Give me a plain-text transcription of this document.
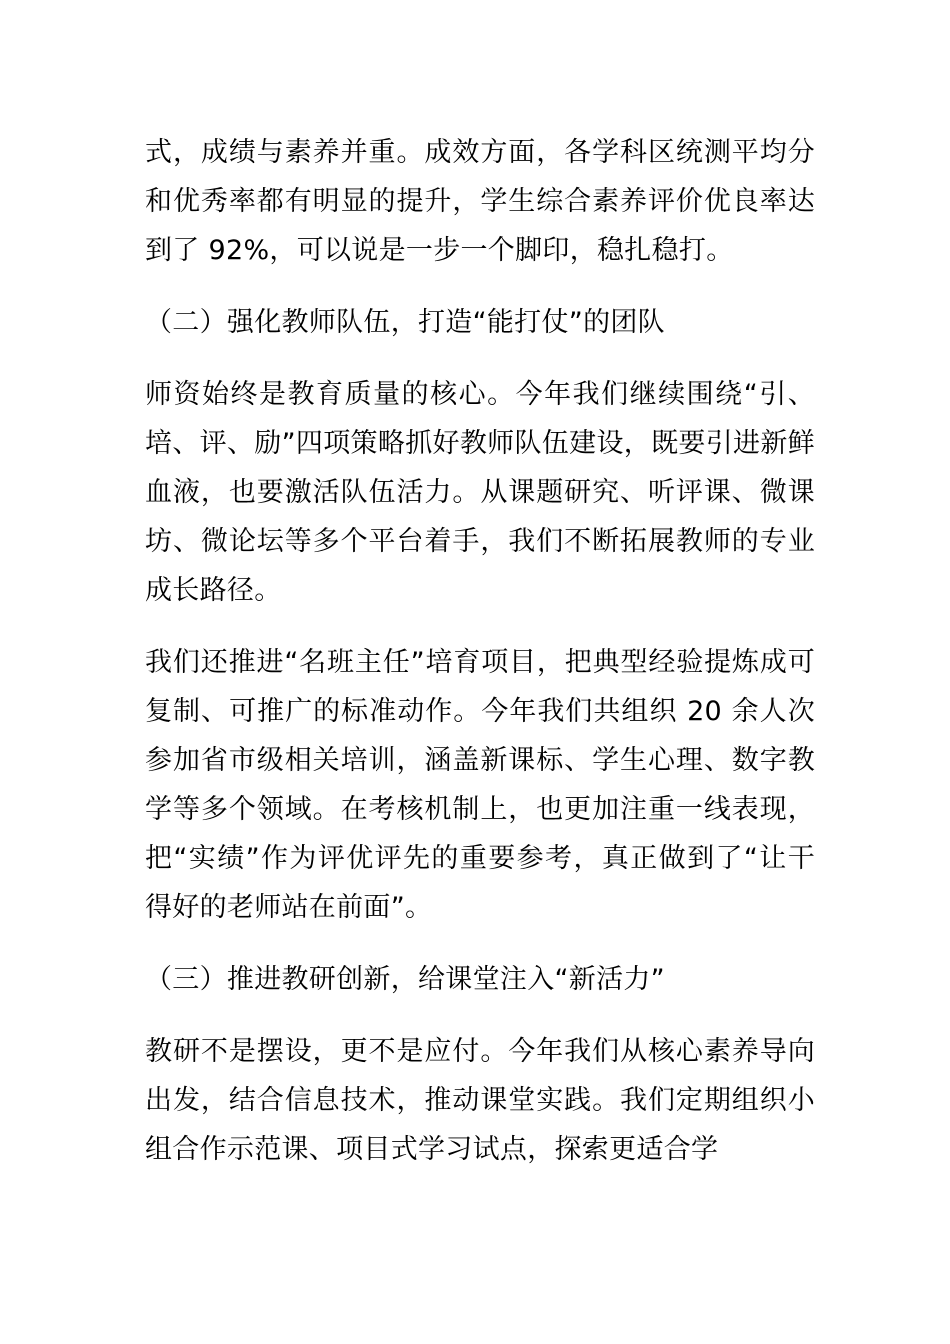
式，成绩与素养并重。成效方面，各学科区统测平均分和优秀率都有明显的提升，学生综合素养评价优良率达到了 92%，可以说是一步一个脚印，稳扎稳打。

（二）强化教师队伍，打造“能打仗”的团队

师资始终是教育质量的核心。今年我们继续围绕“引、培、评、励”四项策略抓好教师队伍建设，既要引进新鲜血液，也要激活队伍活力。从课题研究、听评课、微课坊、微论坛等多个平台着手，我们不断拓展教师的专业成长路径。

我们还推进“名班主任”培育项目，把典型经验提炼成可复制、可推广的标准动作。今年我们共组织 20 余人次参加省市级相关培训，涵盖新课标、学生心理、数字教学等多个领域。在考核机制上，也更加注重一线表现，把“实绩”作为评优评先的重要参考，真正做到了“让干得好的老师站在前面”。

（三）推进教研创新，给课堂注入“新活力”

教研不是摆设，更不是应付。今年我们从核心素养导向出发，结合信息技术，推动课堂实践。我们定期组织小组合作示范课、项目式学习试点，探索更适合学
